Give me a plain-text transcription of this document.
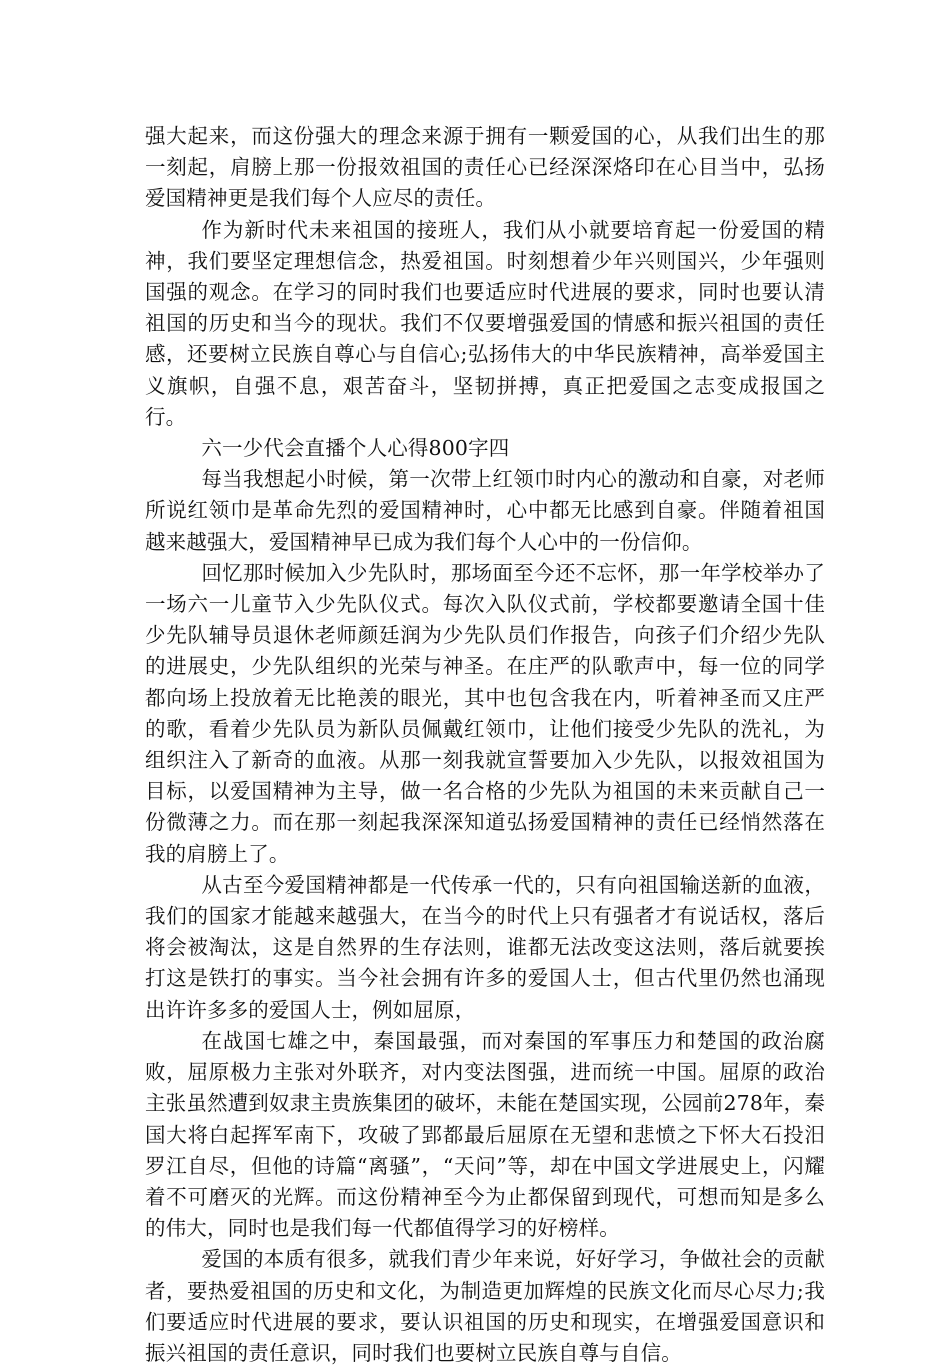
强大起来，而这份强大的理念来源于拥有一颗爱国的心，从我们出生的那一刻起，肩膀上那一份报效祖国的责任心已经深深烙印在心目当中，弘扬爱国精神更是我们每个人应尽的责任。

作为新时代未来祖国的接班人，我们从小就要培育起一份爱国的精神，我们要坚定理想信念，热爱祖国。时刻想着少年兴则国兴，少年强则国强的观念。在学习的同时我们也要适应时代进展的要求，同时也要认清祖国的历史和当今的现状。我们不仅要增强爱国的情感和振兴祖国的责任感，还要树立民族自尊心与自信心;弘扬伟大的中华民族精神，高举爱国主义旗帜，自强不息，艰苦奋斗，坚韧拼搏，真正把爱国之志变成报国之行。

六一少代会直播个人心得800字四

每当我想起小时候，第一次带上红领巾时内心的激动和自豪，对老师所说红领巾是革命先烈的爱国精神时，心中都无比感到自豪。伴随着祖国越来越强大，爱国精神早已成为我们每个人心中的一份信仰。

回忆那时候加入少先队时，那场面至今还不忘怀，那一年学校举办了一场六一儿童节入少先队仪式。每次入队仪式前，学校都要邀请全国十佳少先队辅导员退休老师颜廷润为少先队员们作报告，向孩子们介绍少先队的进展史，少先队组织的光荣与神圣。在庄严的队歌声中，每一位的同学都向场上投放着无比艳羡的眼光，其中也包含我在内，听着神圣而又庄严的歌，看着少先队员为新队员佩戴红领巾，让他们接受少先队的洗礼，为组织注入了新奇的血液。从那一刻我就宣誓要加入少先队，以报效祖国为目标，以爱国精神为主导，做一名合格的少先队为祖国的未来贡献自己一份微薄之力。而在那一刻起我深深知道弘扬爱国精神的责任已经悄然落在我的肩膀上了。

从古至今爱国精神都是一代传承一代的，只有向祖国输送新的血液，我们的国家才能越来越强大，在当今的时代上只有强者才有说话权，落后将会被淘汰，这是自然界的生存法则，谁都无法改变这法则，落后就要挨打这是铁打的事实。当今社会拥有许多的爱国人士，但古代里仍然也涌现出许许多多的爱国人士，例如屈原，

在战国七雄之中，秦国最强，而对秦国的军事压力和楚国的政治腐败，屈原极力主张对外联齐，对内变法图强，进而统一中国。屈原的政治主张虽然遭到奴隶主贵族集团的破坏，未能在楚国实现，公园前278年，秦国大将白起挥军南下，攻破了郢都最后屈原在无望和悲愤之下怀大石投汨罗江自尽，但他的诗篇“离骚”，“天问”等，却在中国文学进展史上，闪耀着不可磨灭的光辉。而这份精神至今为止都保留到现代，可想而知是多么的伟大，同时也是我们每一代都值得学习的好榜样。

爱国的本质有很多，就我们青少年来说，好好学习，争做社会的贡献者，要热爱祖国的历史和文化，为制造更加辉煌的民族文化而尽心尽力;我们要适应时代进展的要求，要认识祖国的历史和现实，在增强爱国意识和振兴祖国的责任意识，同时我们也要树立民族自尊与自信。
